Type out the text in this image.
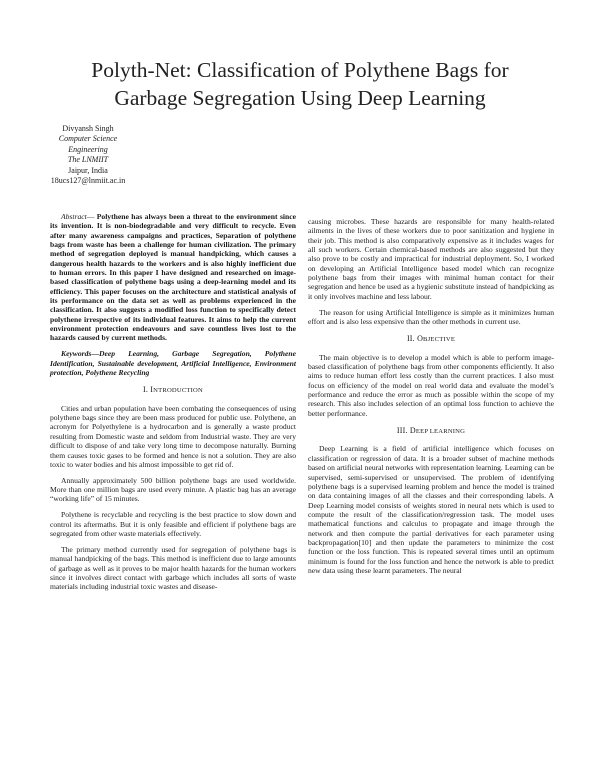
Polyth-Net: Classification of Polythene Bags for
Garbage Segregation Using Deep Learning
Divyansh Singh
Computer Science Engineering
The LNMIIT
Jaipur, India
18ucs127@lnmiit.ac.in

Abstract— Polythene has always been a threat to the environment since its invention. It is non-biodegradable and very difficult to recycle. Even after many awareness campaigns and practices, Separation of polythene bags from waste has been a challenge for human civilization. The primary method of segregation deployed is manual handpicking, which causes a dangerous health hazards to the workers and is also highly inefficient due to human errors. In this paper I have designed and researched on image-based classification of polythene bags using a deep-learning model and its efficiency. This paper focuses on the architecture and statistical analysis of its performance on the data set as well as problems experienced in the classification. It also suggests a modified loss function to specifically detect polythene irrespective of its individual features. It aims to help the current environment protection endeavours and save countless lives lost to the hazards caused by current methods.

Keywords—Deep Learning, Garbage Segregation, Polythene Identification, Sustainable development, Artificial Intelligence, Environment protection, Polythene Recycling

I. INTRODUCTION

Cities and urban population have been combating the consequences of using polythene bags since they are been mass produced for public use. Polythene, an acronym for Polyethylene is a hydrocarbon and is generally a waste product resulting from Domestic waste and seldom from Industrial waste. They are very difficult to dispose of and take very long time to decompose naturally. Burning them causes toxic gases to be formed and hence is not a solution. They are also toxic to water bodies and his almost impossible to get rid of.

Annually approximately 500 billion polythene bags are used worldwide. More than one million bags are used every minute. A plastic bag has an average “working life” of 15 minutes.

Polythene is recyclable and recycling is the best practice to slow down and control its aftermaths. But it is only feasible and efficient if polythene bags are segregated from other waste materials effectively.

The primary method currently used for segregation of polythene bags is manual handpicking of the bags. This method is inefficient due to large amounts of garbage as well as it proves to be major health hazards for the human workers since it involves direct contact with garbage which includes all sorts of waste materials including industrial toxic wastes and disease-

causing microbes. These hazards are responsible for many health-related ailments in the lives of these workers due to poor sanitization and hygiene in their job. This method is also comparatively expensive as it includes wages for all such workers. Certain chemical-based methods are also suggested but they also prove to be costly and impractical for industrial deployment. So, I worked on developing an Artificial Intelligence based model which can recognize polythene bags from their images with minimal human contact for their segregation and hence be used as a hygienic substitute instead of handpicking as it only involves machine and less labour.

The reason for using Artificial Intelligence is simple as it minimizes human effort and is also less expensive than the other methods in current use.

II. OBJECTIVE

The main objective is to develop a model which is able to perform image-based classification of polythene bags from other components efficiently. It also aims to reduce human effort less costly than the current practices. I also must focus on efficiency of the model on real world data and evaluate the model’s performance and reduce the error as much as possible within the scope of my research. This also includes selection of an optimal loss function to achieve the better performance.

III. DEEP LEARNING

Deep Learning is a field of artificial intelligence which focuses on classification or regression of data. It is a broader subset of machine methods based on artificial neural networks with representation learning. Learning can be supervised, semi-supervised or unsupervised. The problem of identifying polythene bags is a supervised learning problem and hence the model is trained on data containing images of all the classes and their corresponding labels. A Deep Learning model consists of weights stored in neural nets which is used to compute the result of the classification/regression task. The model uses mathematical functions and calculus to propagate and image through the network and then compute the partial derivatives for each parameter using backpropagation[10] and then update the parameters to minimize the cost function or the loss function. This is repeated several times until an optimum minimum is found for the loss function and hence the network is able to predict new data using these learnt parameters. The neural
